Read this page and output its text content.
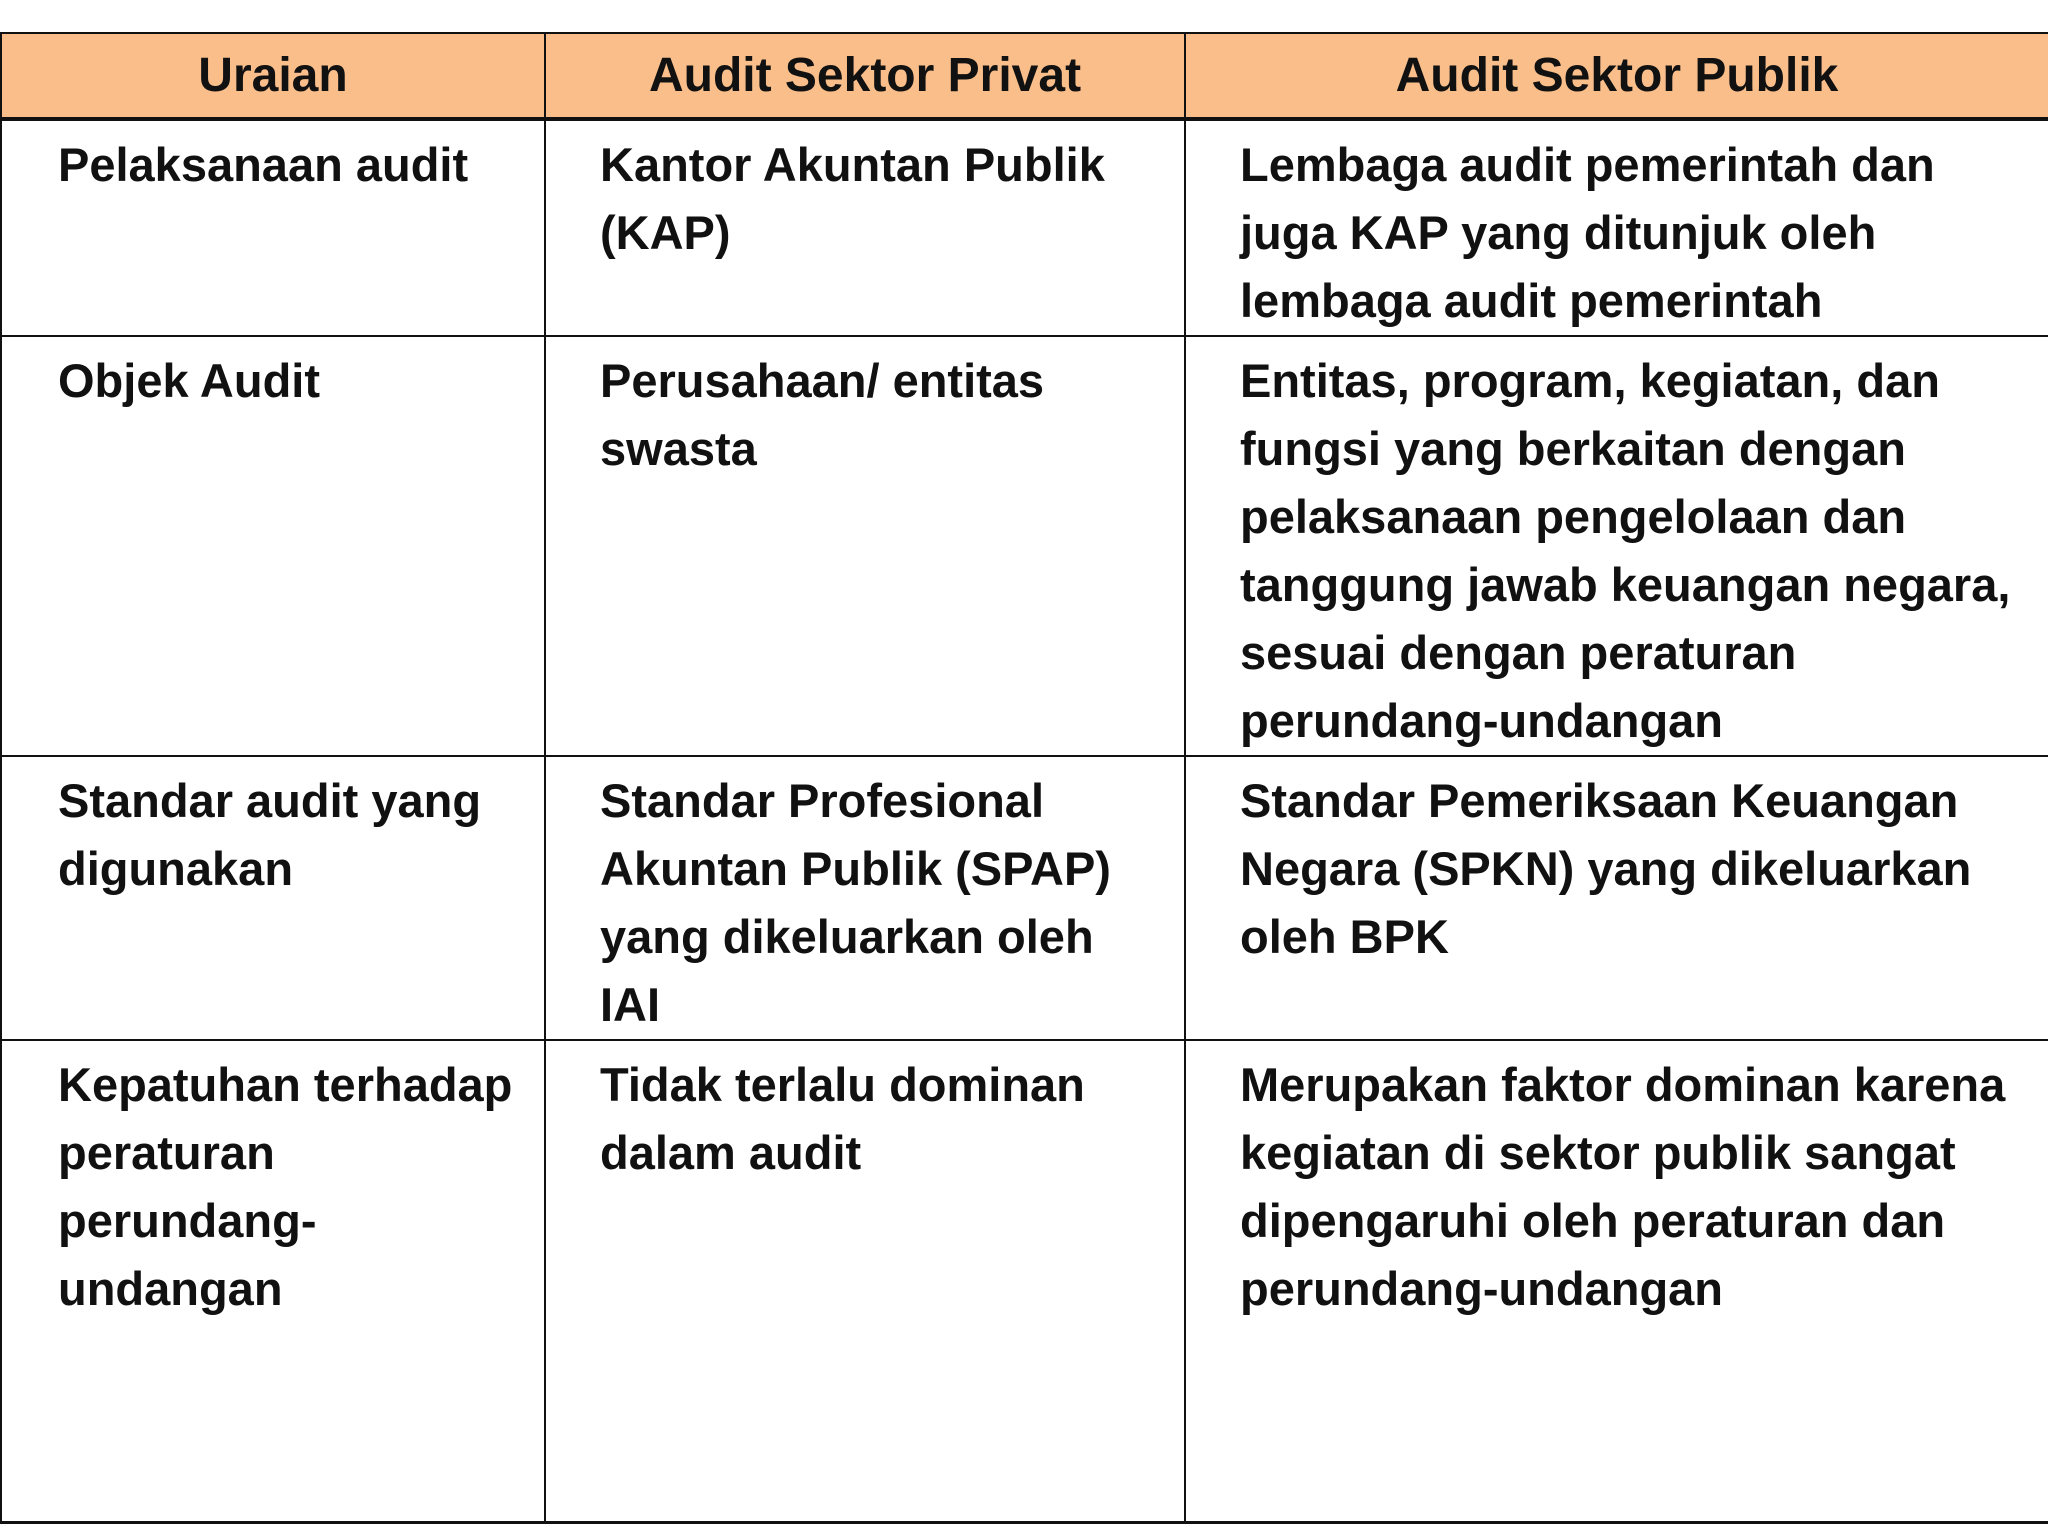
Uraian	Audit Sektor Privat	Audit Sektor Publik
Pelaksanaan audit	Kantor Akuntan Publik (KAP)	Lembaga audit pemerintah dan juga KAP yang ditunjuk oleh lembaga audit pemerintah
Objek Audit	Perusahaan/ entitas swasta	Entitas, program, kegiatan, dan fungsi yang berkaitan dengan pelaksanaan pengelolaan dan tanggung jawab keuangan negara, sesuai dengan peraturan perundang-undangan
Standar audit yang digunakan	Standar Profesional Akuntan Publik (SPAP) yang dikeluarkan oleh IAI	Standar Pemeriksaan Keuangan Negara (SPKN) yang dikeluarkan oleh BPK
Kepatuhan terhadap peraturan perundang-undangan	Tidak terlalu dominan dalam audit	Merupakan faktor dominan karena kegiatan di sektor publik sangat dipengaruhi oleh peraturan dan perundang-undangan
